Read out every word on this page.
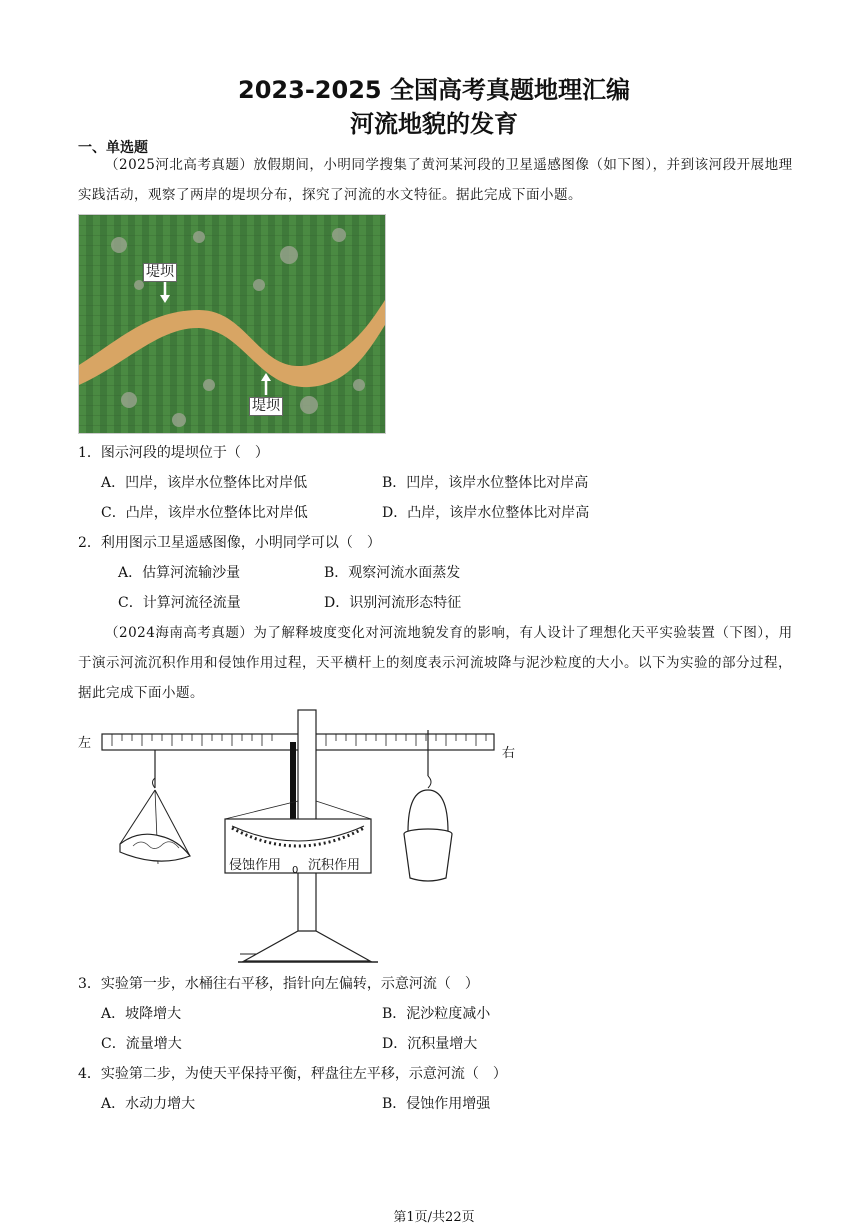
2023-2025 全国高考真题地理汇编
河流地貌的发育
一、单选题
（2025河北高考真题）放假期间，小明同学搜集了黄河某河段的卫星遥感图像（如下图），并到该河段开展地理实践活动，观察了两岸的堤坝分布，探究了河流的水文特征。据此完成下面小题。
堤坝
堤坝
1．图示河段的堤坝位于（　）
A．凹岸，该岸水位整体比对岸低	B．凹岸，该岸水位整体比对岸高
C．凸岸，该岸水位整体比对岸低	D．凸岸，该岸水位整体比对岸高
2．利用图示卫星遥感图像，小明同学可以（　）
A．估算河流输沙量	B．观察河流水面蒸发
C．计算河流径流量	D．识别河流形态特征
（2024海南高考真题）为了解释坡度变化对河流地貌发育的影响，有人设计了理想化天平实验装置（下图），用于演示河流沉积作用和侵蚀作用过程，天平横杆上的刻度表示河流坡降与泥沙粒度的大小。以下为实验的部分过程，据此完成下面小题。
左
右
侵蚀作用 沉积作用
0
3．实验第一步，水桶往右平移，指针向左偏转，示意河流（　）
A．坡降增大	B．泥沙粒度减小
C．流量增大	D．沉积量增大
4．实验第二步，为使天平保持平衡，秤盘往左平移，示意河流（　）
A．水动力增大	B．侵蚀作用增强
第1页/共22页
